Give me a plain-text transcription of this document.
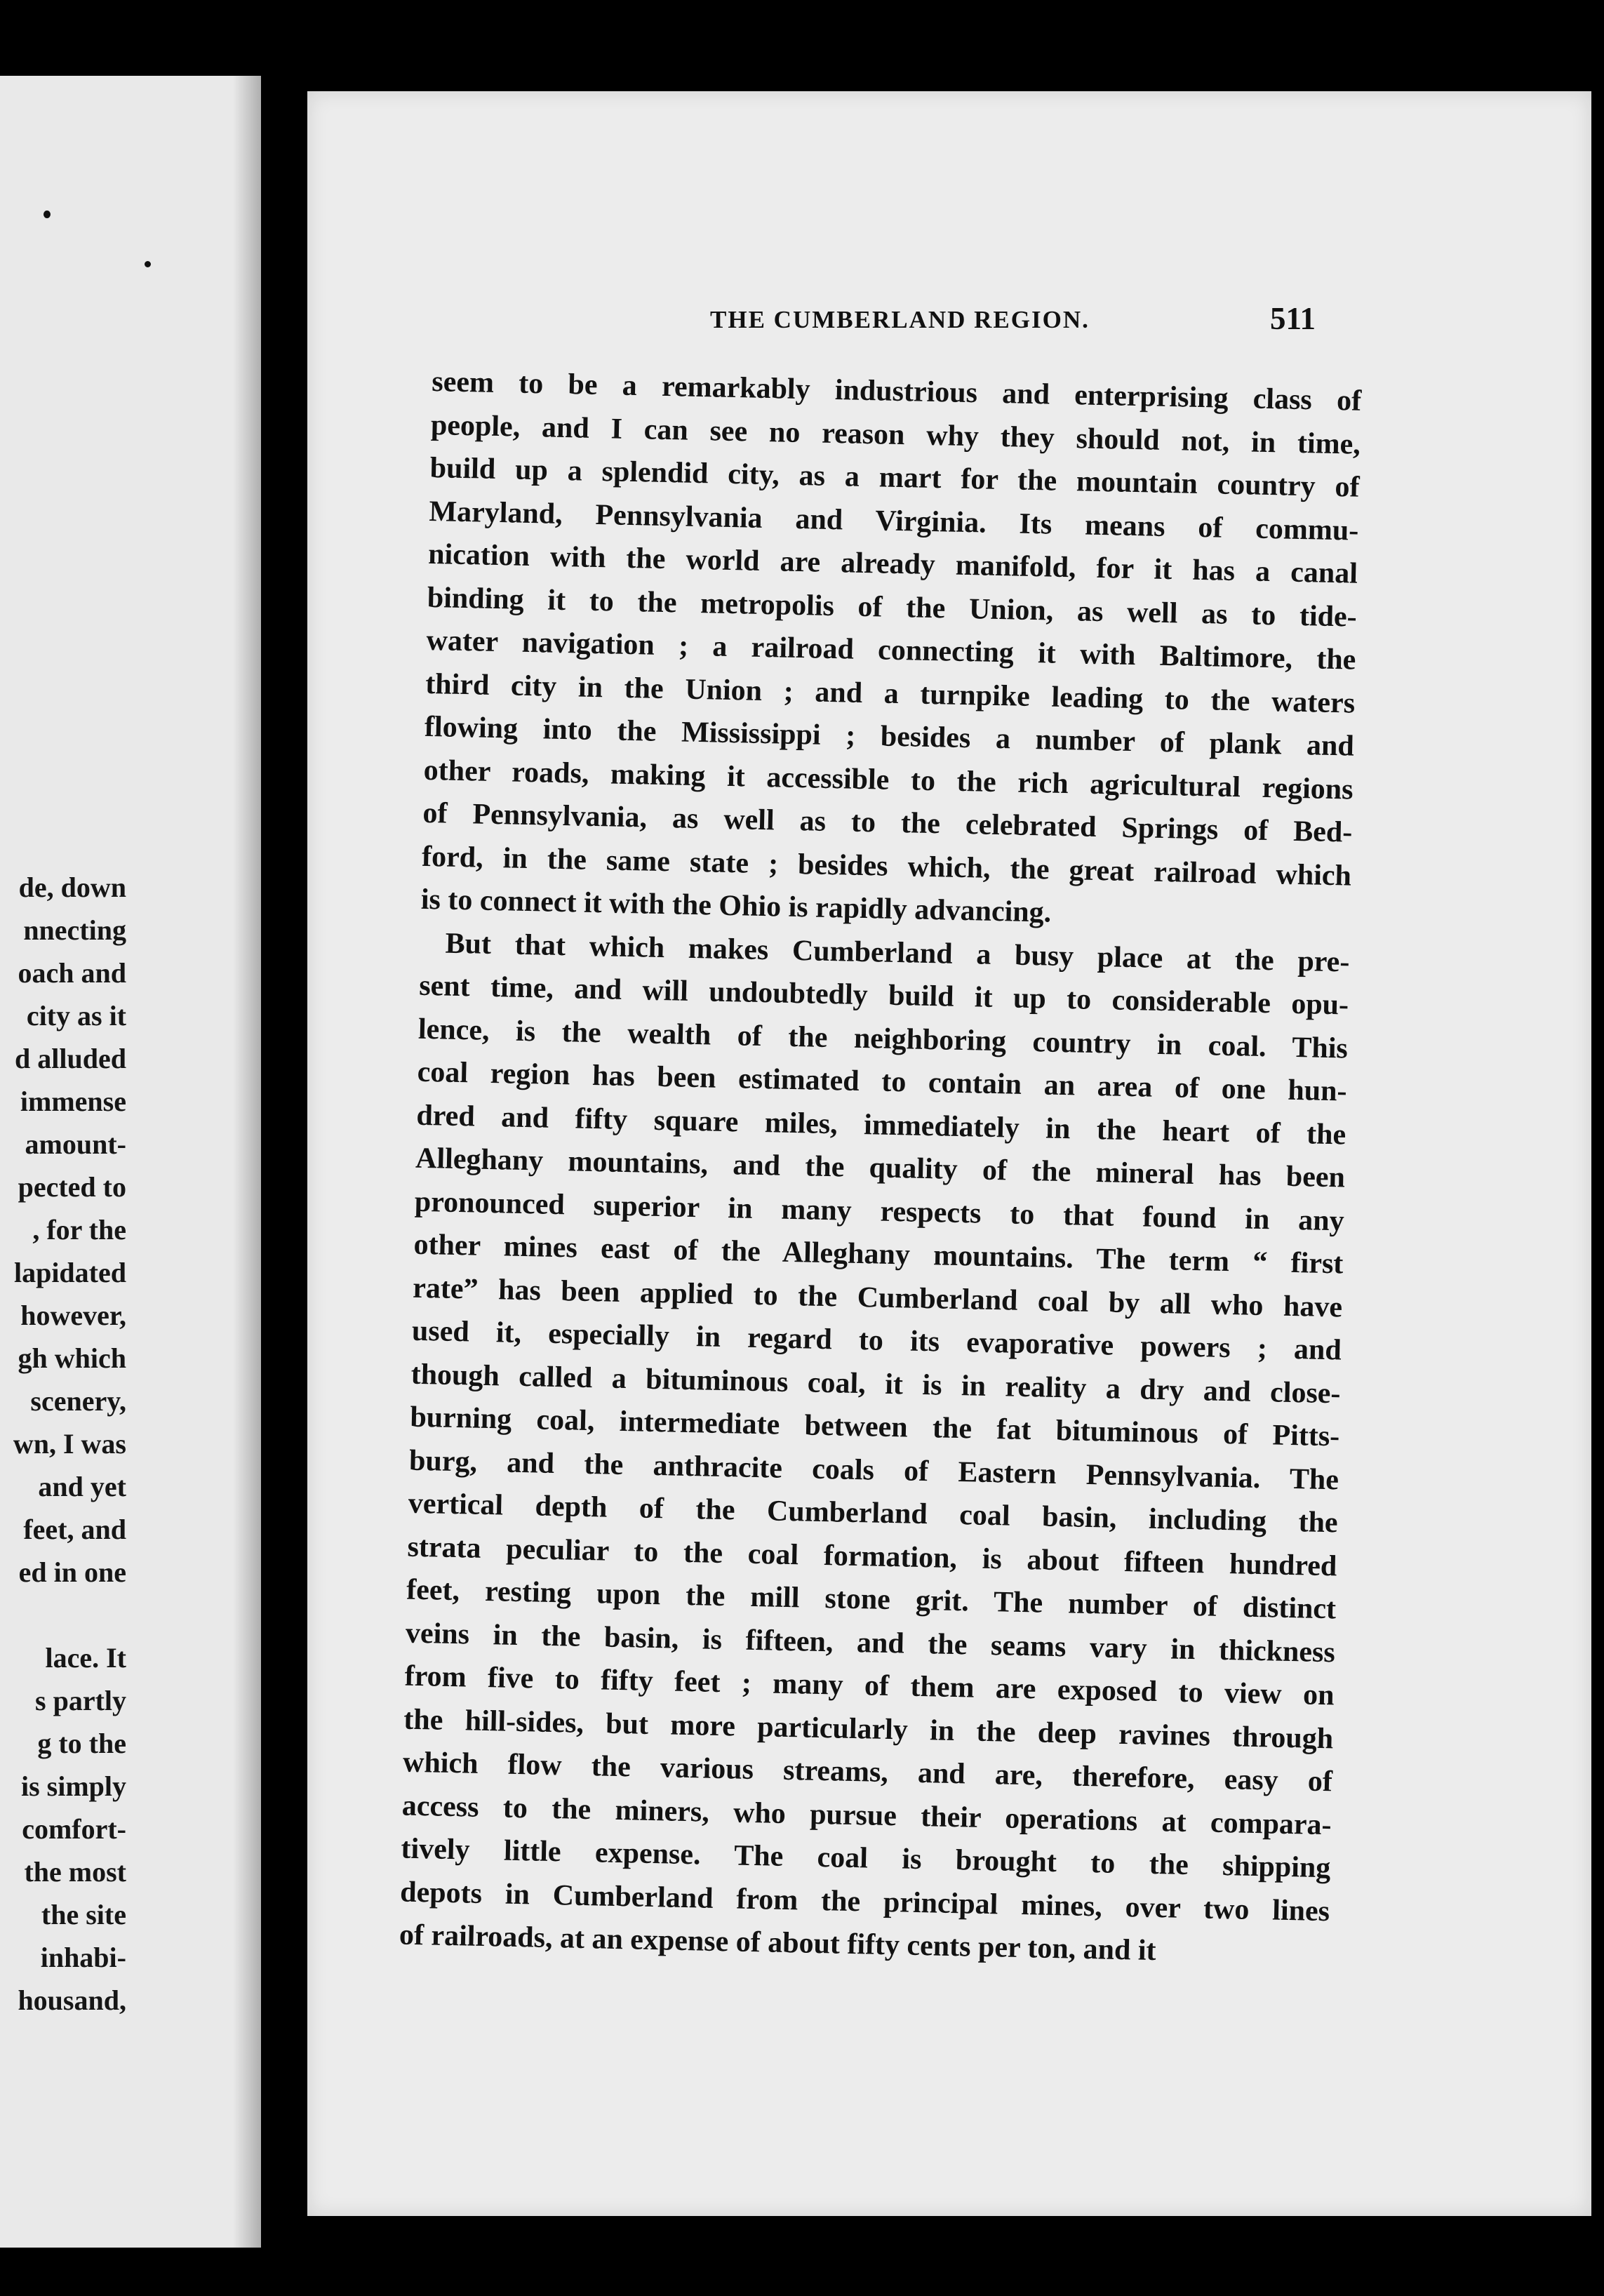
de, down
nnecting
oach and
city as it
d alluded
immense
amount-
pected to
, for the
lapidated
however,
gh which
scenery,
wn, I was
and yet
feet, and
ed in one
lace. It
s partly
g to the
is simply
comfort-
the most
the site
inhabi-
housand,
THE CUMBERLAND REGION.	511
seem to be a remarkably industrious and enterprising class of
people, and I can see no reason why they should not, in time,
build up a splendid city, as a mart for the mountain country of
Maryland, Pennsylvania and Virginia. Its means of commu-
nication with the world are already manifold, for it has a canal
binding it to the metropolis of the Union, as well as to tide-
water navigation ; a railroad connecting it with Baltimore, the
third city in the Union ; and a turnpike leading to the waters
flowing into the Mississippi ; besides a number of plank and
other roads, making it accessible to the rich agricultural regions
of Pennsylvania, as well as to the celebrated Springs of Bed-
ford, in the same state ; besides which, the great railroad which
is to connect it with the Ohio is rapidly advancing.
But that which makes Cumberland a busy place at the pre-
sent time, and will undoubtedly build it up to considerable opu-
lence, is the wealth of the neighboring country in coal. This
coal region has been estimated to contain an area of one hun-
dred and fifty square miles, immediately in the heart of the
Alleghany mountains, and the quality of the mineral has been
pronounced superior in many respects to that found in any
other mines east of the Alleghany mountains. The term “ first
rate” has been applied to the Cumberland coal by all who have
used it, especially in regard to its evaporative powers ; and
though called a bituminous coal, it is in reality a dry and close-
burning coal, intermediate between the fat bituminous of Pitts-
burg, and the anthracite coals of Eastern Pennsylvania. The
vertical depth of the Cumberland coal basin, including the
strata peculiar to the coal formation, is about fifteen hundred
feet, resting upon the mill stone grit. The number of distinct
veins in the basin, is fifteen, and the seams vary in thickness
from five to fifty feet ; many of them are exposed to view on
the hill-sides, but more particularly in the deep ravines through
which flow the various streams, and are, therefore, easy of
access to the miners, who pursue their operations at compara-
tively little expense. The coal is brought to the shipping
depots in Cumberland from the principal mines, over two lines
of railroads, at an expense of about fifty cents per ton, and it
